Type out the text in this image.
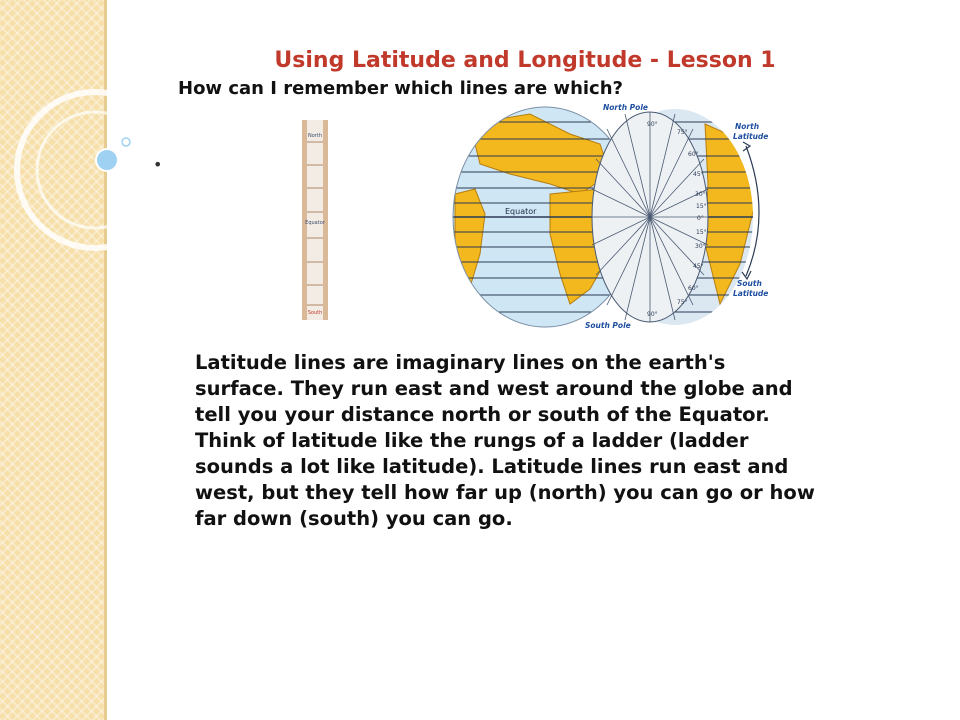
Using Latitude and Longitude - Lesson 1
How can I remember which lines are which?
•
North
Equator
South
Equator
90°
75°
60°
45°
30°
15°
0°
15°
30°
45°
60°
75°
90°
North Pole
South Pole
North
Latitude
South
Latitude

Latitude lines are imaginary lines on the earth's surface. They run east and west around the globe and tell you your distance north or south of the Equator. Think of latitude like the rungs of a ladder (ladder sounds a lot like latitude). Latitude lines run east and west, but they tell how far up (north) you can go or how far down (south) you can go.
